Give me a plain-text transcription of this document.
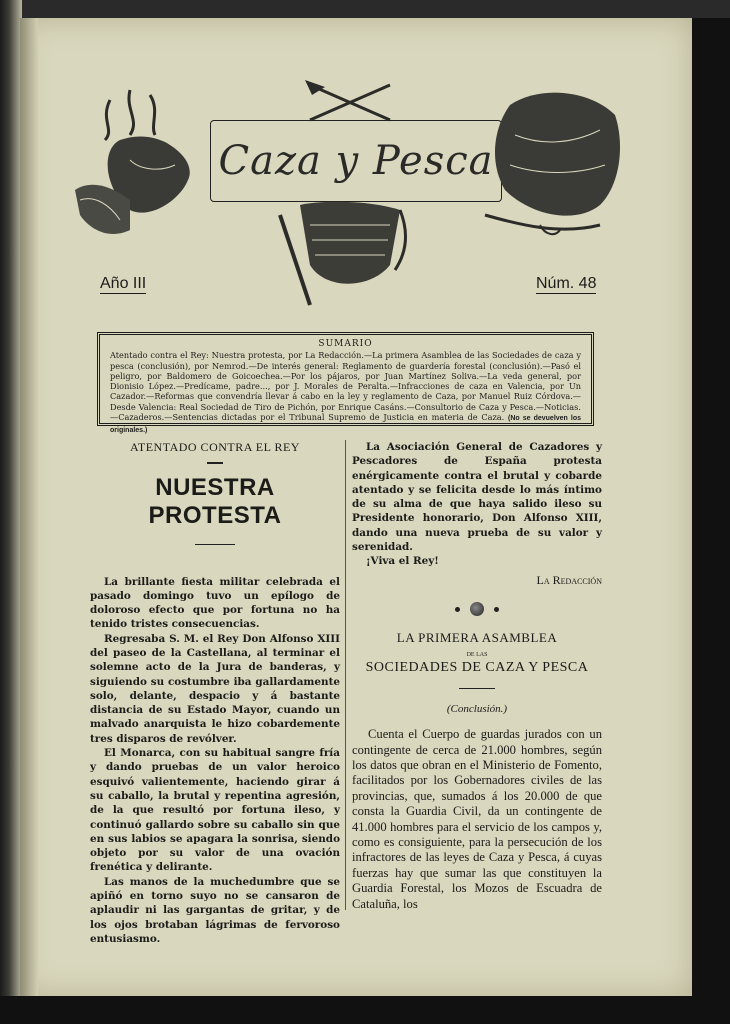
Caza y Pesca
Año III	Núm. 48
SUMARIO
Atentado contra el Rey: Nuestra protesta, por La Redacción.—La primera Asamblea de las Sociedades de caza y pesca (conclusión), por Nemrod.—De interés general: Reglamento de guardería forestal (conclusión).—Pasó el peligro, por Baldomero de Goicoechea.—Por los pájaros, por Juan Martínez Soliva.—La veda general, por Dionisio López.—Predícame, padre..., por J. Morales de Peralta.—Infracciones de caza en Valencia, por Un Cazador.—Reformas que convendría llevar á cabo en la ley y reglamento de Caza, por Manuel Ruiz Córdova.—Desde Valencia: Real Sociedad de Tiro de Pichón, por Enrique Casáns.—Consultorio de Caza y Pesca.—Noticias.—Cazaderos.—Sentencias dictadas por el Tribunal Supremo de Justicia en materia de Caza. (No se devuelven los originales.)
ATENTADO CONTRA EL REY
NUESTRA PROTESTA

La brillante fiesta militar celebrada el pasado domingo tuvo un epílogo de doloroso efecto que por fortuna no ha tenido tristes consecuencias.

Regresaba S. M. el Rey Don Alfonso XIII del paseo de la Castellana, al terminar el solemne acto de la Jura de banderas, y siguiendo su costumbre iba gallardamente solo, delante, despacio y á bastante distancia de su Estado Mayor, cuando un malvado anarquista le hizo cobardemente tres disparos de revólver.

El Monarca, con su habitual sangre fría y dando pruebas de un valor heroico esquivó valientemente, haciendo girar á su caballo, la brutal y repentina agresión, de la que resultó por fortuna ileso, y continuó gallardo sobre su caballo sin que en sus labios se apagara la sonrisa, siendo objeto por su valor de una ovación frenética y delirante.

Las manos de la muchedumbre que se apiñó en torno suyo no se cansaron de aplaudir ni las gargantas de gritar, y de los ojos brotaban lágrimas de fervoroso entusiasmo.

La Asociación General de Cazadores y Pescadores de España protesta enérgicamente contra el brutal y cobarde atentado y se felicita desde lo más íntimo de su alma de que haya salido ileso su Presidente honorario, Don Alfonso XIII, dando una nueva prueba de su valor y serenidad.

¡Viva el Rey!

La Redacción

LA PRIMERA ASAMBLEA
DE LAS
SOCIEDADES DE CAZA Y PESCA
(Conclusión.)

Cuenta el Cuerpo de guardas jurados con un contingente de cerca de 21.000 hombres, según los datos que obran en el Ministerio de Fomento, facilitados por los Gobernadores civiles de las provincias, que, sumados á los 20.000 de que consta la Guardia Civil, da un contingente de 41.000 hombres para el servicio de los campos y, como es consiguiente, para la persecución de los infractores de las leyes de Caza y Pesca, á cuyas fuerzas hay que sumar las que constituyen la Guardia Forestal, los Mozos de Escuadra de Cataluña, los
